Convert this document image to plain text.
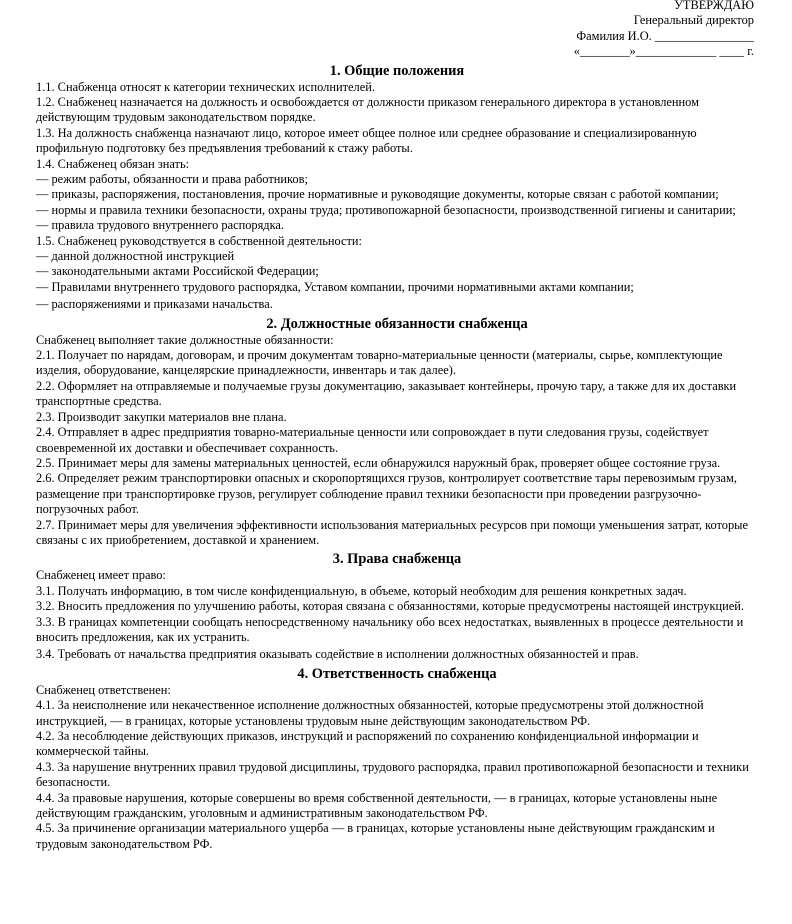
УТВЕРЖДАЮ
Генеральный директор
Фамилия И.О. ________________
«________»_____________ ____ г.
1. Общие положения

1.1. Снабженца относят к категории технических исполнителей.

1.2. Снабженец назначается на должность и освобождается от должности приказом генерального директора в установленном действующим трудовым законодательством порядке.

1.3. На должность снабженца назначают лицо, которое имеет общее полное или среднее образование и специализированную профильную подготовку без предъявления требований к стажу работы.

1.4. Снабженец обязан знать:

— режим работы, обязанности и права работников;

— приказы, распоряжения, постановления, прочие нормативные и руководящие документы, которые связан с работой компании;

— нормы и правила техники безопасности, охраны труда; противопожарной безопасности, производственной гигиены и санитарии;

— правила трудового внутреннего распорядка.

1.5. Снабженец руководствуется в собственной деятельности:

— данной должностной инструкцией

— законодательными актами Российской Федерации;

— Правилами внутреннего трудового распорядка, Уставом компании, прочими нормативными актами компании;

— распоряжениями и приказами начальства.

2. Должностные обязанности снабженца

Снабженец выполняет такие должностные обязанности:

2.1. Получает по нарядам, договорам, и прочим документам товарно-материальные ценности (материалы, сырье, комплектующие изделия, оборудование, канцелярские принадлежности, инвентарь и так далее).

2.2. Оформляет на отправляемые и получаемые грузы документацию, заказывает контейнеры, прочую тару, а также для их доставки транспортные средства.

2.3. Производит закупки материалов вне плана.

2.4. Отправляет в адрес предприятия товарно-материальные ценности или сопровождает в пути следования грузы, содействует своевременной их доставки и обеспечивает сохранность.

2.5. Принимает меры для замены материальных ценностей, если обнаружился наружный брак, проверяет общее состояние груза.

2.6. Определяет режим транспортировки опасных и скоропортящихся грузов, контролирует соответствие тары перевозимым грузам, размещение при транспортировке грузов, регулирует соблюдение правил техники безопасности при проведении разгрузочно-погрузочных работ.

2.7. Принимает меры для увеличения эффективности использования материальных ресурсов при помощи уменьшения затрат, которые связаны с их приобретением, доставкой и хранением.

3. Права снабженца

Снабженец имеет право:

3.1. Получать информацию, в том числе конфиденциальную, в объеме, который необходим для решения конкретных задач.

3.2. Вносить предложения по улучшению работы, которая связана с обязанностями, которые предусмотрены настоящей инструкцией.

3.3. В границах компетенции сообщать непосредственному начальнику обо всех недостатках, выявленных в процессе деятельности и вносить предложения, как их устранить.

3.4. Требовать от начальства предприятия оказывать содействие в исполнении должностных обязанностей и прав.

4. Ответственность снабженца

Снабженец ответственен:

4.1. За неисполнение или некачественное исполнение должностных обязанностей, которые предусмотрены этой должностной инструкцией, — в границах, которые установлены трудовым ныне действующим законодательством РФ.

4.2. За несоблюдение действующих приказов, инструкций и распоряжений по сохранению конфиденциальной информации и коммерческой тайны.

4.3. За нарушение внутренних правил трудовой дисциплины, трудового распорядка, правил противопожарной безопасности и техники безопасности.

4.4. За правовые нарушения, которые совершены во время собственной деятельности, — в границах, которые установлены ныне действующим гражданским, уголовным и административным законодательством РФ.

4.5. За причинение организации материального ущерба — в границах, которые установлены ныне действующим гражданским и трудовым законодательством РФ.
